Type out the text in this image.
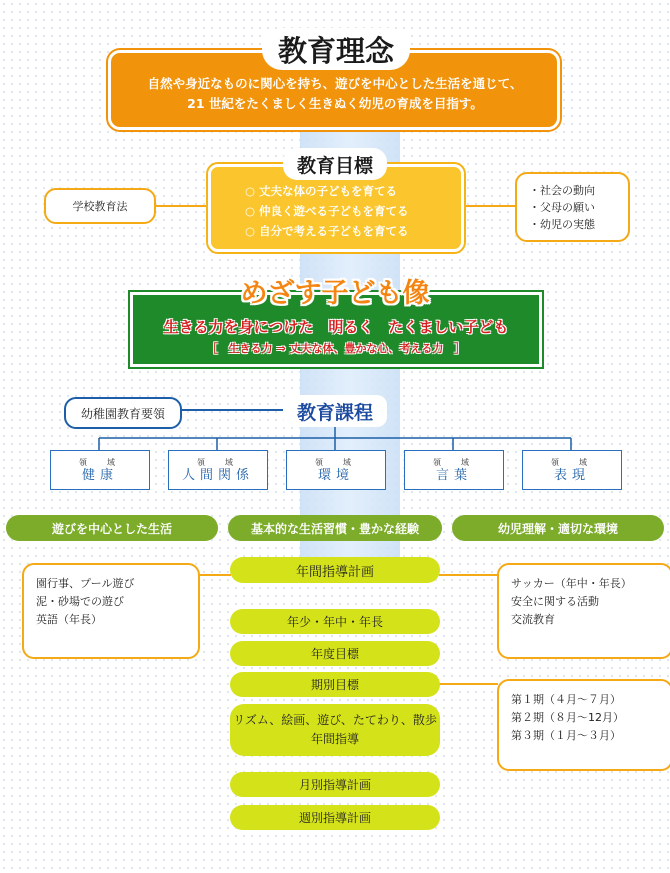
自然や身近なものに関心を持ち、遊びを中心とした生活を通じて、
21 世紀をたくましく生きぬく幼児の育成を目指す。
教育理念
教育目標
○ 丈夫な体の子どもを育てる
○ 仲良く遊べる子どもを育てる
○ 自分で考える子どもを育てる
学校教育法
・社会の動向
・父母の願い
・幼児の実態
めざす子ども像
生きる力を身につけた　明るく　たくましい子ども
［　生きる力 ⇒ 丈夫な体、豊かな心、考える力　］
幼稚園教育要領	教育課程
領　域
健康
領　域
人間関係
領　域
環境
領　域
言葉
領　域
表現
遊びを中心とした生活	基本的な生活習慣・豊かな経験	幼児理解・適切な環境
年間指導計画
年少・年中・年長
年度目標
期別目標
リズム、絵画、遊び、たてわり、散歩
年間指導
月別指導計画
週別指導計画
園行事、プール遊び
泥・砂場での遊び
英語（年長）
サッカー（年中・年長）
安全に関する活動
交流教育
第１期（４月～７月）
第２期（８月～12月）
第３期（１月～３月）
